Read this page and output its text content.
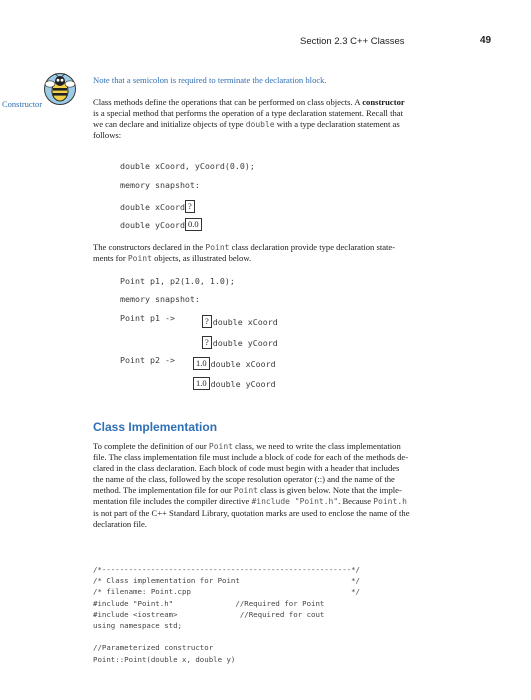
Section 2.3 C++ Classes	49
Constructor
Note that a semicolon is required to terminate the declaration block.
Class methods define the operations that can be performed on class objects. A constructor
is a special method that performs the operation of a type declaration statement. Recall that
we can declare and initialize objects of type double with a type declaration statement as
follows:
double xCoord, yCoord(0.0);
memory snapshot:
double xCoord ?
double yCoord 0.0
The constructors declared in the Point class declaration provide type declaration state-
ments for Point objects, as illustrated below.
Point p1, p2(1.0, 1.0);
memory snapshot:
Point p1 ->	? double xCoord
? double yCoord
Point p2 ->	1.0 double xCoord
1.0 double yCoord
Class Implementation
To complete the definition of our Point class, we need to write the class implementation
file. The class implementation file must include a block of code for each of the methods de-
clared in the class declaration. Each block of code must begin with a header that includes
the name of the class, followed by the scope resolution operator (::) and the name of the
method. The implementation file for our Point class is given below. Note that the imple-
mentation file includes the compiler directive #include "Point.h". Because Point.h
is not part of the C++ Standard Library, quotation marks are used to enclose the name of the
declaration file.
/*--------------------------------------------------------*/
/* Class implementation for Point                         */
/* filename: Point.cpp                                    */
#include "Point.h"              //Required for Point
#include <iostream>              //Required for cout
using namespace std;
//Parameterized constructor
Point::Point(double x, double y)
